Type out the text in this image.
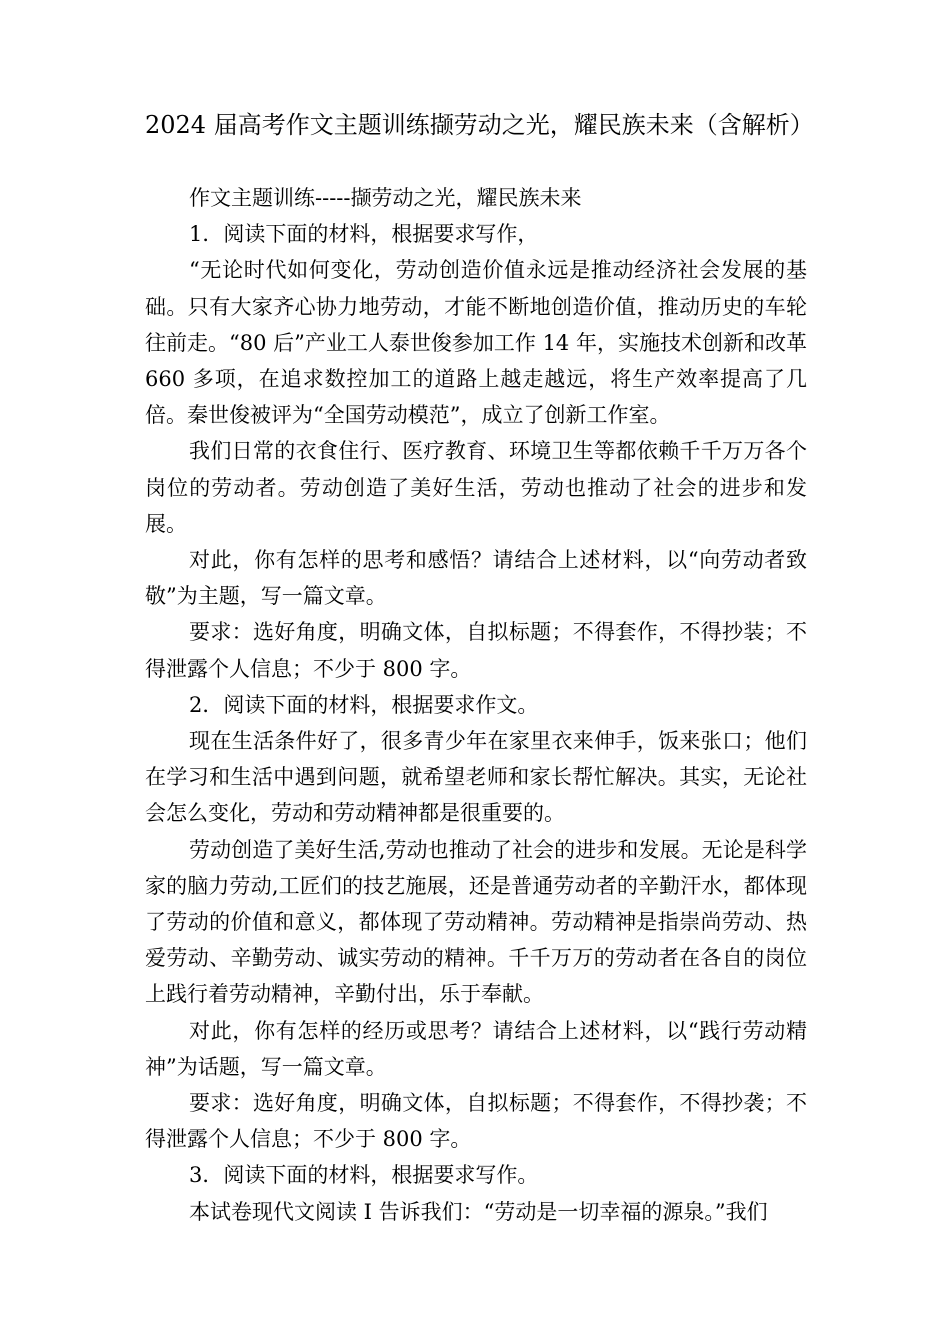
2024 届高考作文主题训练撷劳动之光，耀民族未来（含解析）

作文主题训练-----撷劳动之光，耀民族未来

1．阅读下面的材料，根据要求写作，

“无论时代如何变化，劳动创造价值永远是推动经济社会发展的基础。只有大家齐心协力地劳动，才能不断地创造价值，推动历史的车轮往前走。“80 后”产业工人泰世俊参加工作 14 年，实施技术创新和改革 660 多项，在追求数控加工的道路上越走越远，将生产效率提高了几倍。秦世俊被评为“全国劳动模范”，成立了创新工作室。

我们日常的衣食住行、医疗教育、环境卫生等都依赖千千万万各个岗位的劳动者。劳动创造了美好生活，劳动也推动了社会的进步和发展。

对此，你有怎样的思考和感悟？请结合上述材料，以“向劳动者致敬”为主题，写一篇文章。

要求：选好角度，明确文体，自拟标题；不得套作，不得抄装；不得泄露个人信息；不少于 800 字。

2．阅读下面的材料，根据要求作文。

现在生活条件好了，很多青少年在家里衣来伸手，饭来张口；他们在学习和生活中遇到问题，就希望老师和家长帮忙解决。其实，无论社会怎么变化，劳动和劳动精神都是很重要的。

劳动创造了美好生活,劳动也推动了社会的进步和发展。无论是科学家的脑力劳动,工匠们的技艺施展，还是普通劳动者的辛勤汗水，都体现了劳动的价值和意义，都体现了劳动精神。劳动精神是指崇尚劳动、热爱劳动、辛勤劳动、诚实劳动的精神。千千万万的劳动者在各自的岗位上践行着劳动精神，辛勤付出，乐于奉献。

对此，你有怎样的经历或思考？请结合上述材料，以“践行劳动精神”为话题，写一篇文章。

要求：选好角度，明确文体，自拟标题；不得套作，不得抄袭；不得泄露个人信息；不少于 800 字。

3．阅读下面的材料，根据要求写作。

本试卷现代文阅读 I 告诉我们：“劳动是一切幸福的源泉。”我们
